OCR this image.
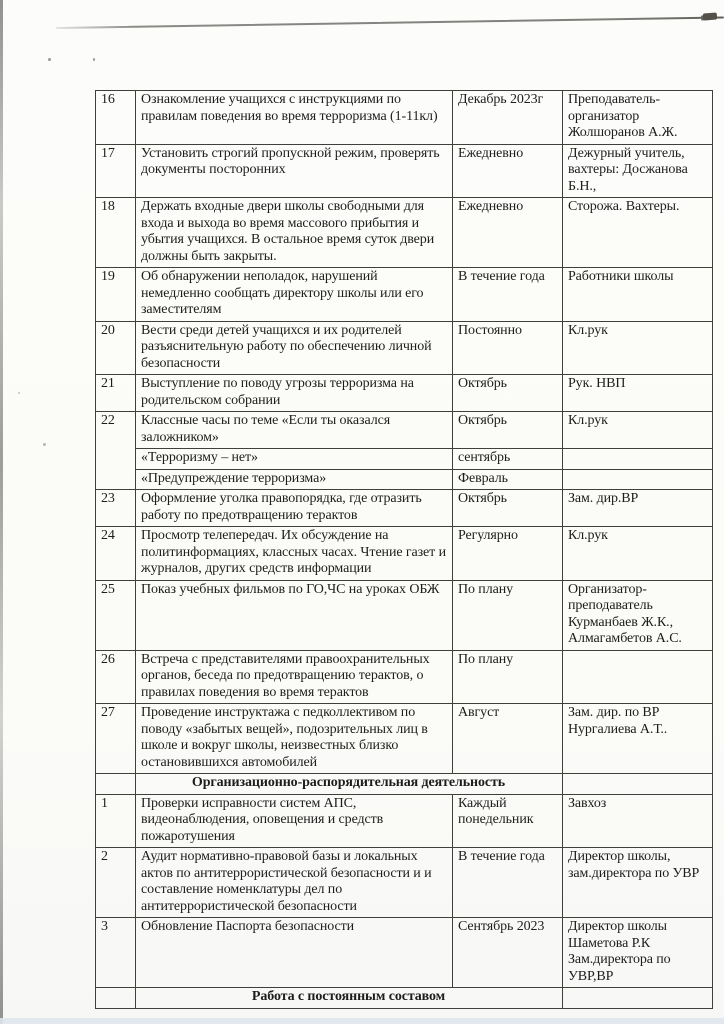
16	Ознакомление учащихся с инструкциями по правилам поведения во время терроризма (1-11кл)	Декабрь 2023г	Преподаватель-организатор Жолшоранов А.Ж.
17	Установить строгий пропускной режим, проверять документы посторонних	Ежедневно	Дежурный учитель, вахтеры: Досжанова Б.Н.,
18	Держать входные двери школы свободными для входа и выхода во время массового прибытия и убытия учащихся. В остальное время суток двери должны быть закрыты.	Ежедневно	Сторожа. Вахтеры.
19	Об обнаружении неполадок, нарушений немедленно сообщать директору школы или его заместителям	В течение года	Работники школы
20	Вести среди детей учащихся и их родителей разъяснительную работу по обеспечению личной безопасности	Постоянно	Кл.рук
21	Выступление по поводу угрозы терроризма на родительском собрании	Октябрь	Рук. НВП
22	Классные часы по теме «Если ты оказался заложником»	Октябрь	Кл.рук
	«Терроризму – нет»	сентябрь	
	«Предупреждение терроризма»	Февраль	
23	Оформление уголка правопорядка, где отразить работу по предотвращению терактов	Октябрь	Зам. дир.ВР
24	Просмотр телепередач. Их обсуждение на политинформациях, классных часах. Чтение газет и журналов, других средств информации	Регулярно	Кл.рук
25	Показ учебных фильмов по ГО,ЧС на уроках ОБЖ	По плану	Организатор-преподаватель Курманбаев Ж.К., Алмагамбетов А.С.
26	Встреча с представителями правоохранительных органов, беседа по предотвращению терактов, о правилах поведения во время терактов	По плану	
27	Проведение инструктажа с педколлективом по поводу «забытых вещей», подозрительных лиц в школе и вокруг школы, неизвестных близко остановившихся автомобилей	Август	Зам. дир. по ВР Нургалиева А.Т..
	Организационно-распорядительная деятельность		
1	Проверки исправности систем АПС, видеонаблюдения, оповещения и средств пожаротушения	Каждый понедельник	Завхоз
2	Аудит нормативно-правовой базы и локальных актов по антитеррористической безопасности и и составление номенклатуры дел по антитеррористической безопасности	В течение года	Директор школы, зам.директора по УВР
3	Обновление Паспорта безопасности	Сентябрь 2023	Директор школы Шаметова Р.К Зам.директора по УВР,ВР
	Работа с постоянным составом		
